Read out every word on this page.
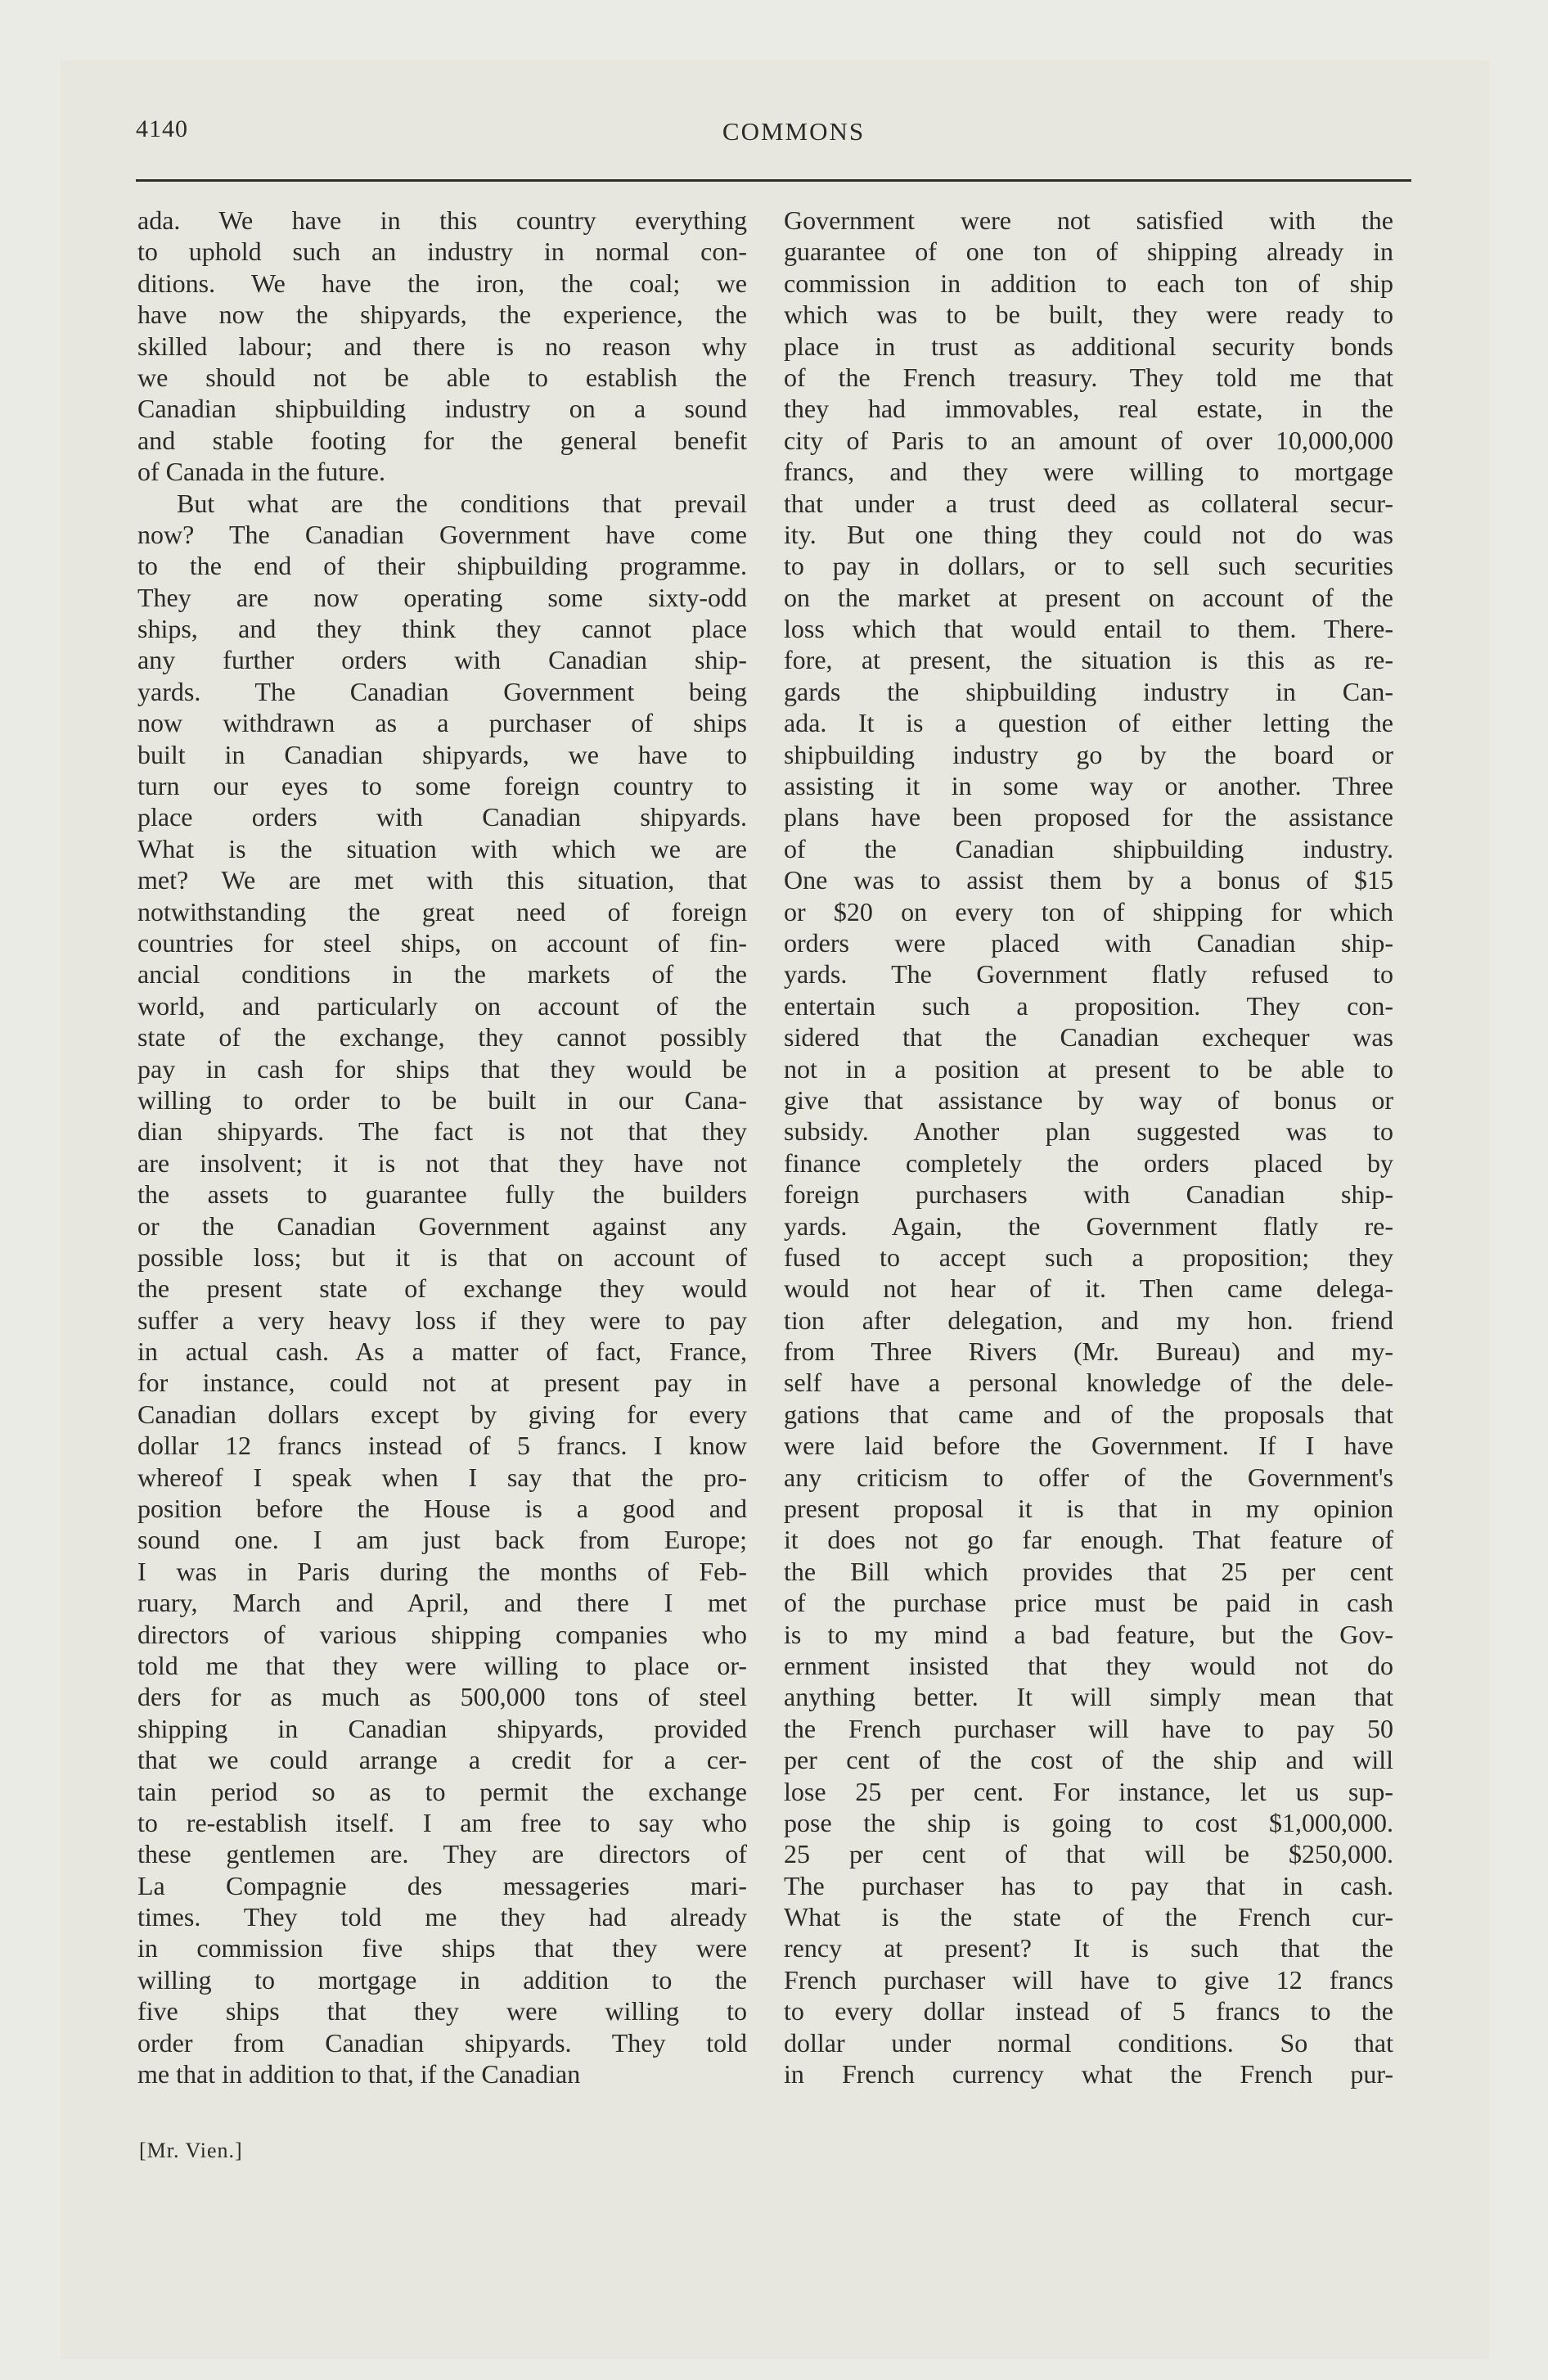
4140	COMMONS
ada. We have in this country everything
to uphold such an industry in normal con-
ditions. We have the iron, the coal; we
have now the shipyards, the experience, the
skilled labour; and there is no reason why
we should not be able to establish the
Canadian shipbuilding industry on a sound
and stable footing for the general benefit
of Canada in the future.
But what are the conditions that prevail
now? The Canadian Government have come
to the end of their shipbuilding programme.
They are now operating some sixty-odd
ships, and they think they cannot place
any further orders with Canadian ship-
yards. The Canadian Government being
now withdrawn as a purchaser of ships
built in Canadian shipyards, we have to
turn our eyes to some foreign country to
place orders with Canadian shipyards.
What is the situation with which we are
met? We are met with this situation, that
notwithstanding the great need of foreign
countries for steel ships, on account of fin-
ancial conditions in the markets of the
world, and particularly on account of the
state of the exchange, they cannot possibly
pay in cash for ships that they would be
willing to order to be built in our Cana-
dian shipyards. The fact is not that they
are insolvent; it is not that they have not
the assets to guarantee fully the builders
or the Canadian Government against any
possible loss; but it is that on account of
the present state of exchange they would
suffer a very heavy loss if they were to pay
in actual cash. As a matter of fact, France,
for instance, could not at present pay in
Canadian dollars except by giving for every
dollar 12 francs instead of 5 francs. I know
whereof I speak when I say that the pro-
position before the House is a good and
sound one. I am just back from Europe;
I was in Paris during the months of Feb-
ruary, March and April, and there I met
directors of various shipping companies who
told me that they were willing to place or-
ders for as much as 500,000 tons of steel
shipping in Canadian shipyards, provided
that we could arrange a credit for a cer-
tain period so as to permit the exchange
to re-establish itself. I am free to say who
these gentlemen are. They are directors of
La Compagnie des messageries mari-
times. They told me they had already
in commission five ships that they were
willing to mortgage in addition to the
five ships that they were willing to
order from Canadian shipyards. They told
me that in addition to that, if the Canadian
Government were not satisfied with the
guarantee of one ton of shipping already in
commission in addition to each ton of ship
which was to be built, they were ready to
place in trust as additional security bonds
of the French treasury. They told me that
they had immovables, real estate, in the
city of Paris to an amount of over 10,000,000
francs, and they were willing to mortgage
that under a trust deed as collateral secur-
ity. But one thing they could not do was
to pay in dollars, or to sell such securities
on the market at present on account of the
loss which that would entail to them. There-
fore, at present, the situation is this as re-
gards the shipbuilding industry in Can-
ada. It is a question of either letting the
shipbuilding industry go by the board or
assisting it in some way or another. Three
plans have been proposed for the assistance
of the Canadian shipbuilding industry.
One was to assist them by a bonus of $15
or $20 on every ton of shipping for which
orders were placed with Canadian ship-
yards. The Government flatly refused to
entertain such a proposition. They con-
sidered that the Canadian exchequer was
not in a position at present to be able to
give that assistance by way of bonus or
subsidy. Another plan suggested was to
finance completely the orders placed by
foreign purchasers with Canadian ship-
yards. Again, the Government flatly re-
fused to accept such a proposition; they
would not hear of it. Then came delega-
tion after delegation, and my hon. friend
from Three Rivers (Mr. Bureau) and my-
self have a personal knowledge of the dele-
gations that came and of the proposals that
were laid before the Government. If I have
any criticism to offer of the Government's
present proposal it is that in my opinion
it does not go far enough. That feature of
the Bill which provides that 25 per cent
of the purchase price must be paid in cash
is to my mind a bad feature, but the Gov-
ernment insisted that they would not do
anything better. It will simply mean that
the French purchaser will have to pay 50
per cent of the cost of the ship and will
lose 25 per cent. For instance, let us sup-
pose the ship is going to cost $1,000,000.
25 per cent of that will be $250,000.
The purchaser has to pay that in cash.
What is the state of the French cur-
rency at present? It is such that the
French purchaser will have to give 12 francs
to every dollar instead of 5 francs to the
dollar under normal conditions. So that
in French currency what the French pur-
[Mr. Vien.]
